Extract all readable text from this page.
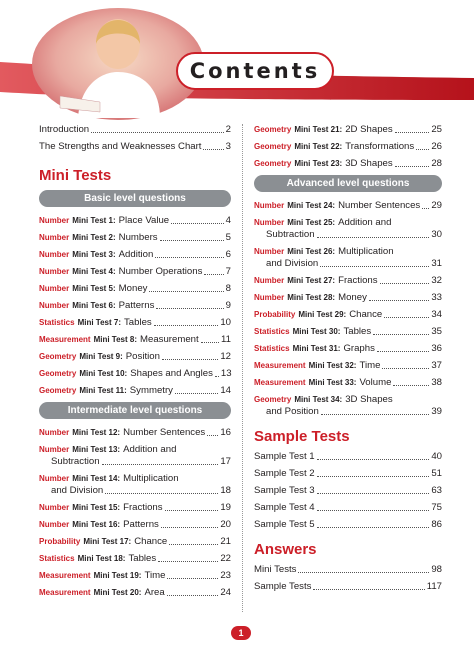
Contents
Introduction	2
The Strengths and Weaknesses Chart	3
Mini Tests
Basic level questions
Number Mini Test 1: Place Value	4
Number Mini Test 2: Numbers	5
Number Mini Test 3: Addition	6
Number Mini Test 4: Number Operations 7
Number Mini Test 5: Money	8
Number Mini Test 6: Patterns	9
Statistics Mini Test 7: Tables	10
Measurement Mini Test 8: Measurement 11
Geometry Mini Test 9: Position	12
Geometry Mini Test 10: Shapes and Angles 13
Geometry Mini Test 11: Symmetry	14
Intermediate level questions
Number Mini Test 12: Number Sentences 16
Number Mini Test 13: Addition and
Subtraction	17
Number Mini Test 14: Multiplication
and Division	18
Number Mini Test 15: Fractions	19
Number Mini Test 16: Patterns	20
Probability Mini Test 17: Chance	21
Statistics Mini Test 18: Tables	22
Measurement Mini Test 19: Time	23
Measurement Mini Test 20: Area	24
Geometry Mini Test 21: 2D Shapes	25
Geometry Mini Test 22: Transformations 26
Geometry Mini Test 23: 3D Shapes	28
Advanced level questions
Number Mini Test 24: Number Sentences 29
Number Mini Test 25: Addition and
Subtraction	30
Number Mini Test 26: Multiplication
and Division	31
Number Mini Test 27: Fractions	32
Number Mini Test 28: Money	33
Probability Mini Test 29: Chance	34
Statistics Mini Test 30: Tables	35
Statistics Mini Test 31: Graphs	36
Measurement Mini Test 32: Time	37
Measurement Mini Test 33: Volume	38
Geometry Mini Test 34: 3D Shapes
and Position	39
Sample Tests
Sample Test 1	40
Sample Test 2	51
Sample Test 3	63
Sample Test 4	75
Sample Test 5	86
Answers
Mini Tests	98
Sample Tests	117
1
